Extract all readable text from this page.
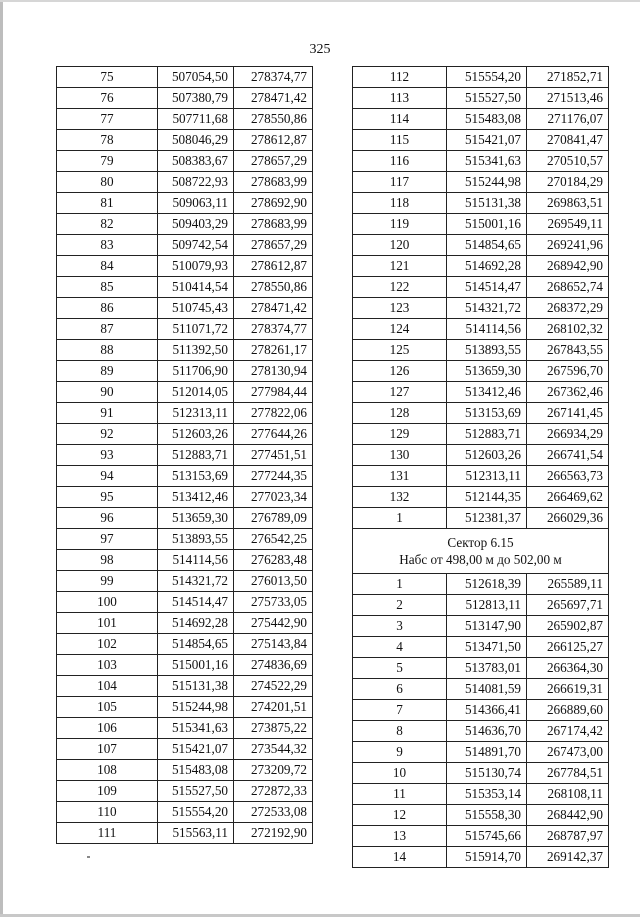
325
75	507054,50	278374,77
76	507380,79	278471,42
77	507711,68	278550,86
78	508046,29	278612,87
79	508383,67	278657,29
80	508722,93	278683,99
81	509063,11	278692,90
82	509403,29	278683,99
83	509742,54	278657,29
84	510079,93	278612,87
85	510414,54	278550,86
86	510745,43	278471,42
87	511071,72	278374,77
88	511392,50	278261,17
89	511706,90	278130,94
90	512014,05	277984,44
91	512313,11	277822,06
92	512603,26	277644,26
93	512883,71	277451,51
94	513153,69	277244,35
95	513412,46	277023,34
96	513659,30	276789,09
97	513893,55	276542,25
98	514114,56	276283,48
99	514321,72	276013,50
100	514514,47	275733,05
101	514692,28	275442,90
102	514854,65	275143,84
103	515001,16	274836,69
104	515131,38	274522,29
105	515244,98	274201,51
106	515341,63	273875,22
107	515421,07	273544,32
108	515483,08	273209,72
109	515527,50	272872,33
110	515554,20	272533,08
111	515563,11	272192,90
112	515554,20	271852,71
113	515527,50	271513,46
114	515483,08	271176,07
115	515421,07	270841,47
116	515341,63	270510,57
117	515244,98	270184,29
118	515131,38	269863,51
119	515001,16	269549,11
120	514854,65	269241,96
121	514692,28	268942,90
122	514514,47	268652,74
123	514321,72	268372,29
124	514114,56	268102,32
125	513893,55	267843,55
126	513659,30	267596,70
127	513412,46	267362,46
128	513153,69	267141,45
129	512883,71	266934,29
130	512603,26	266741,54
131	512313,11	266563,73
132	512144,35	266469,62
1	512381,37	266029,36

Сектор 6.15
Набс от 498,00 м до 502,00 м		

1	512618,39	265589,11
2	512813,11	265697,71
3	513147,90	265902,87
4	513471,50	266125,27
5	513783,01	266364,30
6	514081,59	266619,31
7	514366,41	266889,60
8	514636,70	267174,42
9	514891,70	267473,00
10	515130,74	267784,51
11	515353,14	268108,11
12	515558,30	268442,90
13	515745,66	268787,97
14	515914,70	269142,37
